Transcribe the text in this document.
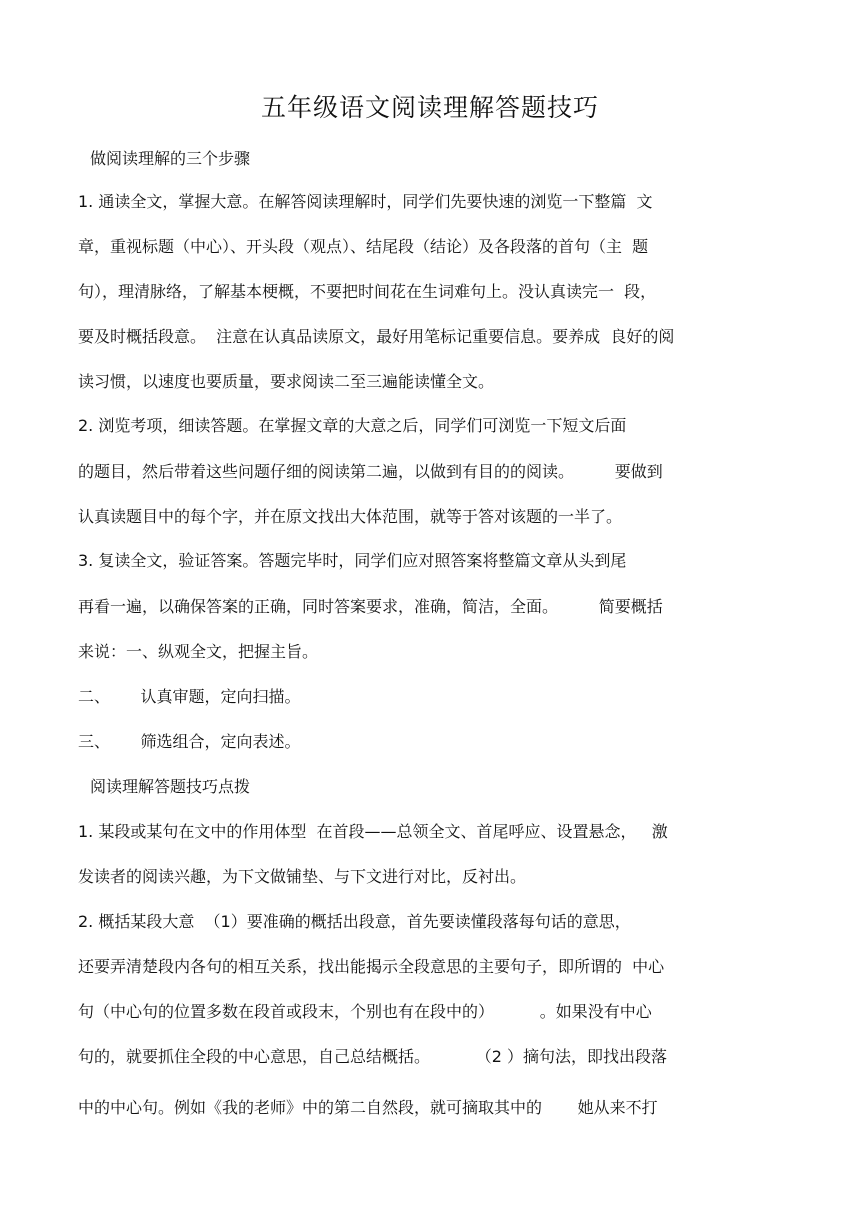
五年级语文阅读理解答题技巧
做阅读理解的三个步骤
1. 通读全文，掌握大意。在解答阅读理解时，同学们先要快速的浏览一下整篇  文
章，重视标题（中心）、开头段（观点）、结尾段（结论）及各段落的首句（主  题
句），理清脉络，了解基本梗概，不要把时间花在生词难句上。没认真读完一  段，
要及时概括段意。  注意在认真品读原文，最好用笔标记重要信息。要养成  良好的阅
读习惯，以速度也要质量，要求阅读二至三遍能读懂全文。
2. 浏览考项，细读答题。在掌握文章的大意之后，同学们可浏览一下短文后面
的题目，然后带着这些问题仔细的阅读第二遍，以做到有目的的阅读。        要做到
认真读题目中的每个字，并在原文找出大体范围，就等于答对该题的一半了。
3. 复读全文，验证答案。答题完毕时，同学们应对照答案将整篇文章从头到尾
再看一遍，以确保答案的正确，同时答案要求，准确，简洁，全面。        简要概括
来说：一、纵观全文，把握主旨。
二、      认真审题，定向扫描。
三、      筛选组合，定向表述。
阅读理解答题技巧点拨
1. 某段或某句在文中的作用体型  在首段——总领全文、首尾呼应、设置悬念，   激
发读者的阅读兴趣，为下文做铺垫、与下文进行对比，反衬出。
2. 概括某段大意  （1）要准确的概括出段意，首先要读懂段落每句话的意思，
还要弄清楚段内各句的相互关系，找出能揭示全段意思的主要句子，即所谓的  中心
句（中心句的位置多数在段首或段末，个别也有在段中的）         。如果没有中心
句的，就要抓住全段的中心意思，自己总结概括。         （2 ）摘句法，即找出段落
中的中心句。例如《我的老师》中的第二自然段，就可摘取其中的       她从来不打
